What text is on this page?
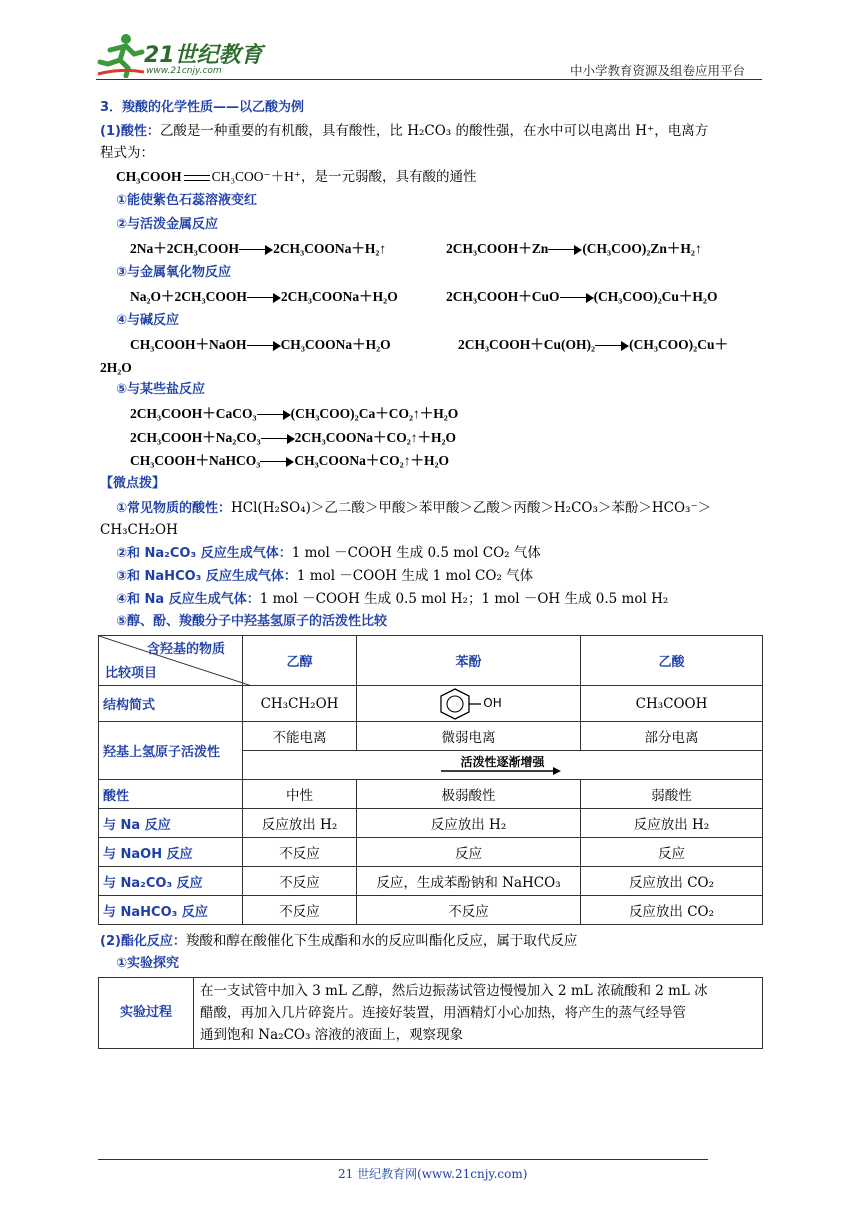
21世纪教育
www.21cnjy.com	中小学教育资源及组卷应用平台
3．羧酸的化学性质——以乙酸为例
(1)酸性：乙酸是一种重要的有机酸，具有酸性，比 H₂CO₃ 的酸性强，在水中可以电离出 H⁺，电离方
程式为：
CH₃COOH CH₃COO⁻＋H⁺，是一元弱酸，具有酸的通性
①能使紫色石蕊溶液变红
②与活泼金属反应
2Na＋2CH₃COOH	2CH₃COONa＋H₂↑	2CH₃COOH＋Zn	(CH₃COO)₂Zn＋H₂↑
③与金属氧化物反应
Na₂O＋2CH₃COOH	2CH₃COONa＋H₂O	2CH₃COOH＋CuO	(CH₃COO)₂Cu＋H₂O
④与碱反应
CH₃COOH＋NaOH	CH₃COONa＋H₂O	2CH₃COOH＋Cu(OH)₂	(CH₃COO)₂Cu＋
2H₂O
⑤与某些盐反应
2CH₃COOH＋CaCO₃	(CH₃COO)₂Ca＋CO₂↑＋H₂O
2CH₃COOH＋Na₂CO₃	2CH₃COONa＋CO₂↑＋H₂O
CH₃COOH＋NaHCO₃	CH₃COONa＋CO₂↑＋H₂O
【微点拨】
①常见物质的酸性：HCl(H₂SO₄)＞乙二酸＞甲酸＞苯甲酸＞乙酸＞丙酸＞H₂CO₃＞苯酚＞HCO₃⁻＞
CH₃CH₂OH
②和 Na₂CO₃ 反应生成气体：1 mol －COOH 生成 0.5 mol CO₂ 气体
③和 NaHCO₃ 反应生成气体：1 mol －COOH 生成 1 mol CO₂ 气体
④和 Na 反应生成气体：1 mol －COOH 生成 0.5 mol H₂；1 mol －OH 生成 0.5 mol H₂
⑤醇、酚、羧酸分子中羟基氢原子的活泼性比较
含羟基的物质
比较项目	乙醇	苯酚	乙酸
结构简式	CH₃CH₂OH	OH	CH₃COOH
羟基上氢原子活泼性	不能电离	微弱电离	部分电离
	活泼性逐渐增强		

酸性	中性	极弱酸性	弱酸性
与 Na 反应	反应放出 H₂	反应放出 H₂	反应放出 H₂
与 NaOH 反应	不反应	反应	反应
与 Na₂CO₃ 反应	不反应	反应，生成苯酚钠和 NaHCO₃	反应放出 CO₂
与 NaHCO₃ 反应	不反应	不反应	反应放出 CO₂
(2)酯化反应：羧酸和醇在酸催化下生成酯和水的反应叫酯化反应，属于取代反应
①实验探究
实验过程	
在一支试管中加入 3 mL 乙醇，然后边振荡试管边慢慢加入 2 mL 浓硫酸和 2 mL 冰
醋酸，再加入几片碎瓷片。连接好装置，用酒精灯小心加热，将产生的蒸气经导管
通到饱和 Na₂CO₃ 溶液的液面上，观察现象
21 世纪教育网(www.21cnjy.com)
